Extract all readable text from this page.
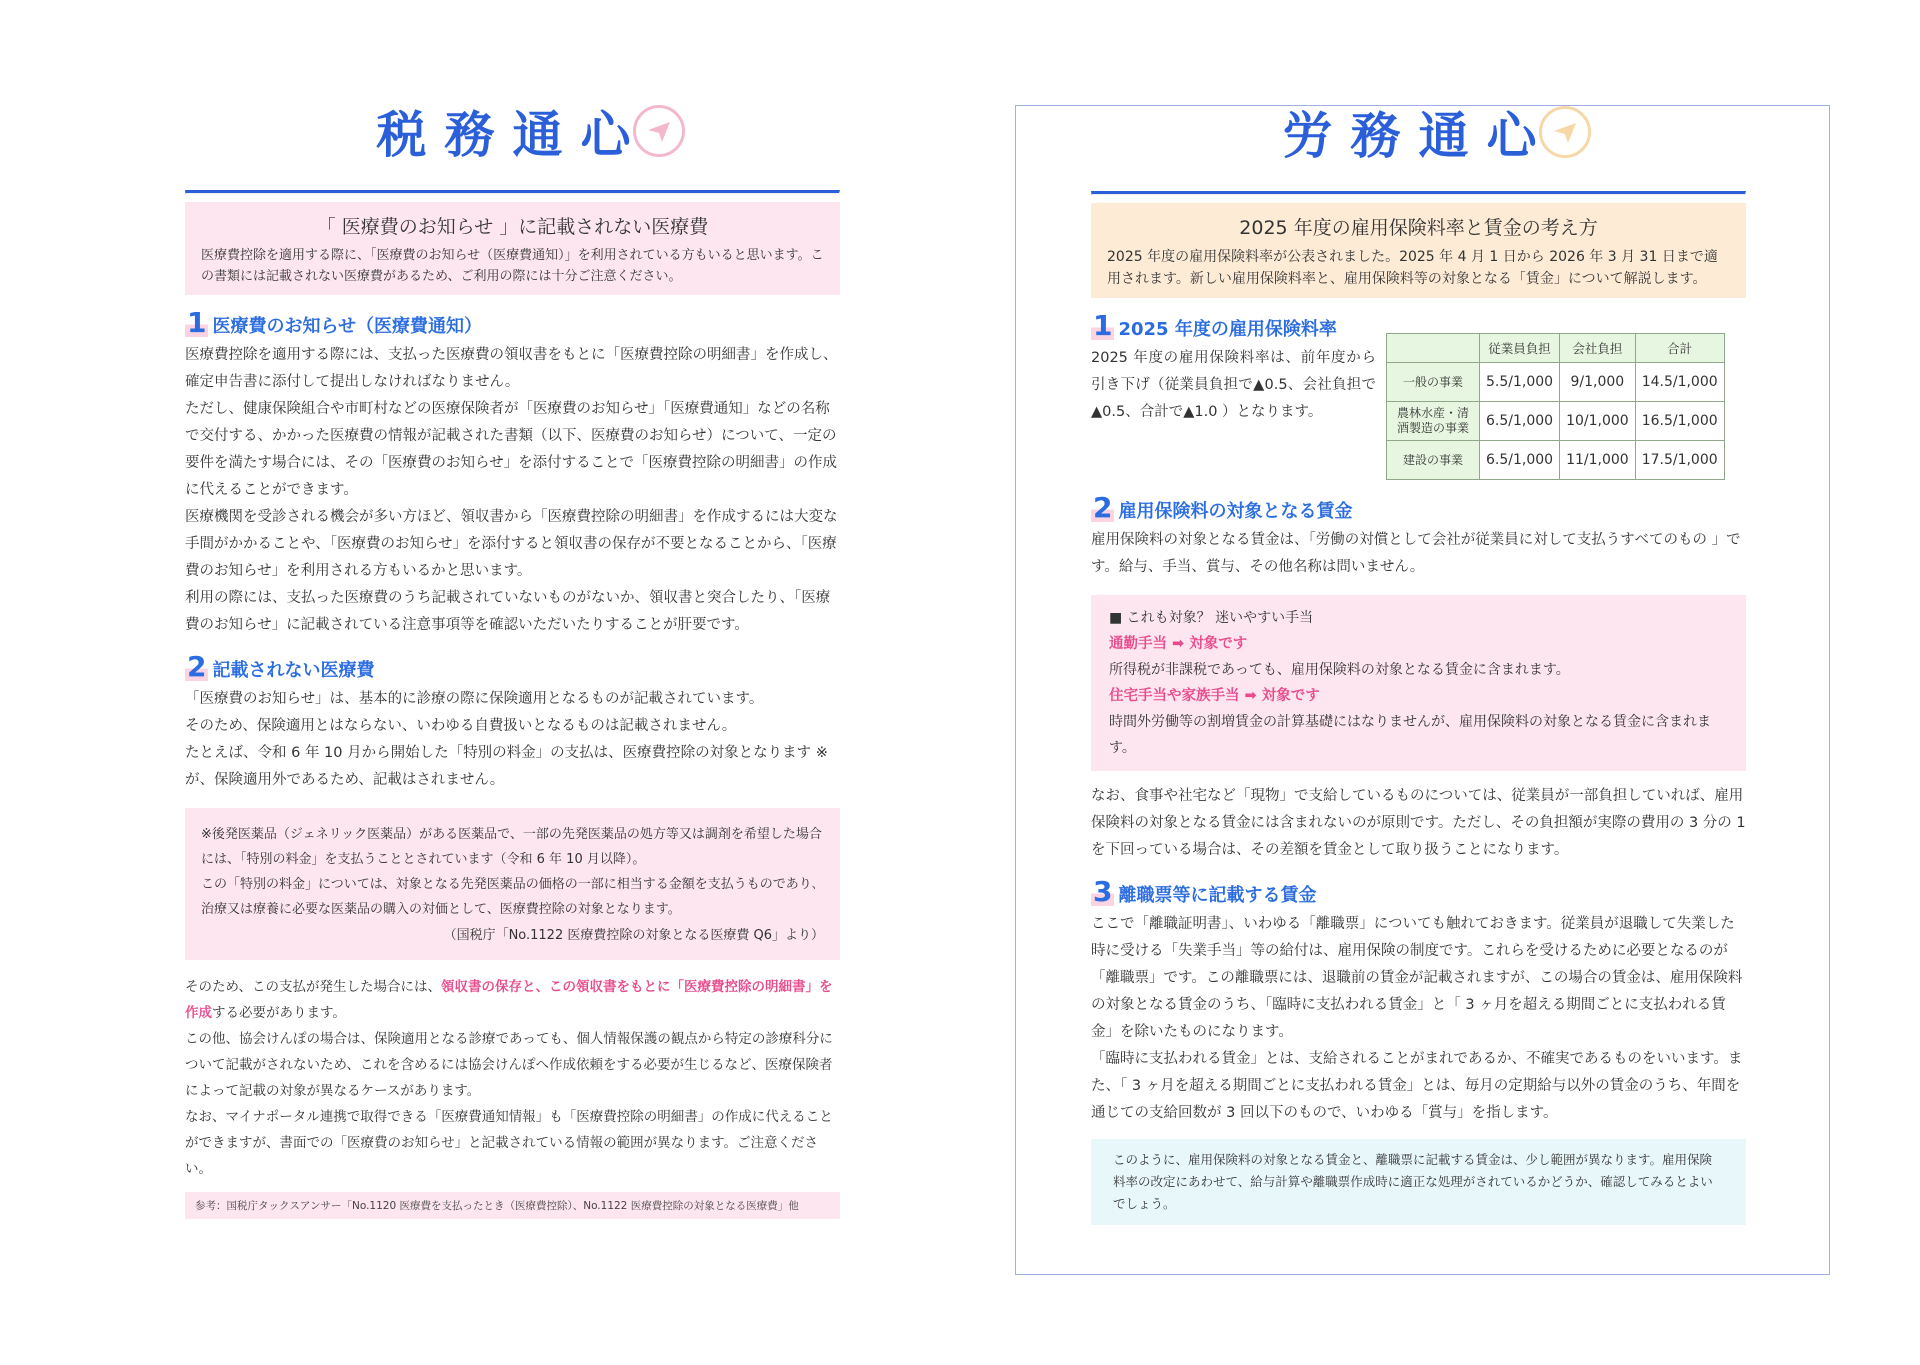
税務通心
「 医療費のお知らせ 」に記載されない医療費
医療費控除を適用する際に、「医療費のお知らせ（医療費通知）」を利用されている方もいると思います。この書類には記載されない医療費があるため、ご利用の際には十分ご注意ください。
1 医療費のお知らせ（医療費通知）

医療費控除を適用する際には、支払った医療費の領収書をもとに「医療費控除の明細書」を作成し、確定申告書に添付して提出しなければなりません。

ただし、健康保険組合や市町村などの医療保険者が「医療費のお知らせ」「医療費通知」などの名称で交付する、かかった医療費の情報が記載された書類（以下、医療費のお知らせ）について、一定の要件を満たす場合には、その「医療費のお知らせ」を添付することで「医療費控除の明細書」の作成に代えることができます。

医療機関を受診される機会が多い方ほど、領収書から「医療費控除の明細書」を作成するには大変な手間がかかることや、「医療費のお知らせ」を添付すると領収書の保存が不要となることから、「医療費のお知らせ」を利用される方もいるかと思います。

利用の際には、支払った医療費のうち記載されていないものがないか、領収書と突合したり、「医療費のお知らせ」に記載されている注意事項等を確認いただいたりすることが肝要です。

2 記載されない医療費

「医療費のお知らせ」は、基本的に診療の際に保険適用となるものが記載されています。

そのため、保険適用とはならない、いわゆる自費扱いとなるものは記載されません。

たとえば、令和 6 年 10 月から開始した「特別の料金」の支払は、医療費控除の対象となります ※が、保険適用外であるため、記載はされません。

※後発医薬品（ジェネリック医薬品）がある医薬品で、一部の先発医薬品の処方等又は調剤を希望した場合には、「特別の料金」を支払うこととされています（令和 6 年 10 月以降）。

この「特別の料金」については、対象となる先発医薬品の価格の一部に相当する金額を支払うものであり､治療又は療養に必要な医薬品の購入の対価として、医療費控除の対象となります。

（国税庁「No.1122 医療費控除の対象となる医療費 Q6」より）

そのため、この支払が発生した場合には、領収書の保存と、この領収書をもとに「医療費控除の明細書」を作成する必要があります。

この他、協会けんぽの場合は、保険適用となる診療であっても、個人情報保護の観点から特定の診療科分について記載がされないため、これを含めるには協会けんぽへ作成依頼をする必要が生じるなど、医療保険者によって記載の対象が異なるケースがあります。

なお、マイナポータル連携で取得できる「医療費通知情報」も「医療費控除の明細書」の作成に代えることができますが、書面での「医療費のお知らせ」と記載されている情報の範囲が異なります。ご注意ください。

参考：国税庁タックスアンサー「No.1120 医療費を支払ったとき（医療費控除）、No.1122 医療費控除の対象となる医療費」他
労務通心
2025 年度の雇用保険料率と賃金の考え方
2025 年度の雇用保険料率が公表されました。2025 年 4 月 1 日から 2026 年 3 月 31 日まで適用されます。新しい雇用保険料率と、雇用保険料等の対象となる「賃金」について解説します。
1 2025 年度の雇用保険料率

2025 年度の雇用保険料率は、前年度から引き下げ（従業員負担で▲0.5、会社負担で▲0.5、合計で▲1.0 ）となります。

	従業員負担	会社負担	合計
一般の事業	5.5/1,000	9/1,000	14.5/1,000
農林水産・清酒製造の事業	6.5/1,000	10/1,000	16.5/1,000
建設の事業	6.5/1,000	11/1,000	17.5/1,000
2 雇用保険料の対象となる賃金

雇用保険料の対象となる賃金は、「労働の対償として会社が従業員に対して支払うすべてのもの 」です。給与、手当、賞与、その他名称は問いません。

■ これも対象？ 迷いやすい手当

通勤手当 ➡ 対象です

所得税が非課税であっても、雇用保険料の対象となる賃金に含まれます。

住宅手当や家族手当 ➡ 対象です

時間外労働等の割増賃金の計算基礎にはなりませんが、雇用保険料の対象となる賃金に含まれます。

なお、食事や社宅など「現物」で支給しているものについては、従業員が一部負担していれば、雇用保険料の対象となる賃金には含まれないのが原則です。ただし、その負担額が実際の費用の 3 分の 1 を下回っている場合は、その差額を賃金として取り扱うことになります。

3 離職票等に記載する賃金

ここで「離職証明書」、いわゆる「離職票」についても触れておきます。従業員が退職して失業した時に受ける「失業手当」等の給付は、雇用保険の制度です。これらを受けるために必要となるのが「離職票」です。この離職票には、退職前の賃金が記載されますが、この場合の賃金は、雇用保険料の対象となる賃金のうち、「臨時に支払われる賃金」と「 3 ヶ月を超える期間ごとに支払われる賃金」を除いたものになります。

「臨時に支払われる賃金」とは、支給されることがまれであるか、不確実であるものをいいます。また、「 3 ヶ月を超える期間ごとに支払われる賃金」とは、毎月の定期給与以外の賃金のうち、年間を通じての支給回数が 3 回以下のもので、いわゆる「賞与」を指します。

このように、雇用保険料の対象となる賃金と、離職票に記載する賃金は、少し範囲が異なります。雇用保険料率の改定にあわせて、給与計算や離職票作成時に適正な処理がされているかどうか、確認してみるとよいでしょう。
